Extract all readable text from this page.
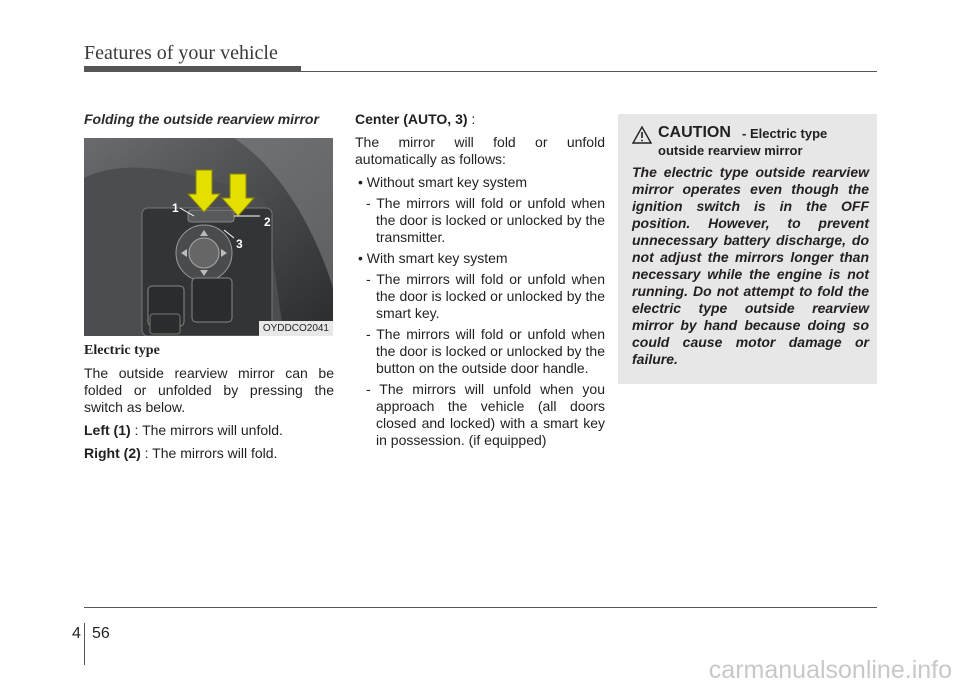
Features of your vehicle
Folding the outside rearview mirror
1
2
3
OYDDCO2041

Electric type

The outside rearview mirror can be folded or unfolded by pressing the switch as below.

Left (1) : The mirrors will unfold.

Right (2) : The mirrors will fold.

Center (AUTO, 3) :

The mirror will fold or unfold automatically as follows:

• Without smart key system

- The mirrors will fold or unfold when the door is locked or unlocked by the transmitter.

• With smart key system

- The mirrors will fold or unfold when the door is locked or unlocked by the smart key.

- The mirrors will fold or unfold when the door is locked or unlocked by the button on the outside door handle.

- The mirrors will unfold when you approach the vehicle (all doors closed and locked) with a smart key in possession. (if equipped)

CAUTION - Electric type
outside rearview mirror

The electric type outside rearview mirror operates even though the ignition switch is in the OFF position. However, to prevent unnecessary battery discharge, do not adjust the mirrors longer than necessary while the engine is not running. Do not attempt to fold the electric type outside rearview mirror by hand because doing so could cause motor damage or failure.

4 56
carmanualsonline.info
